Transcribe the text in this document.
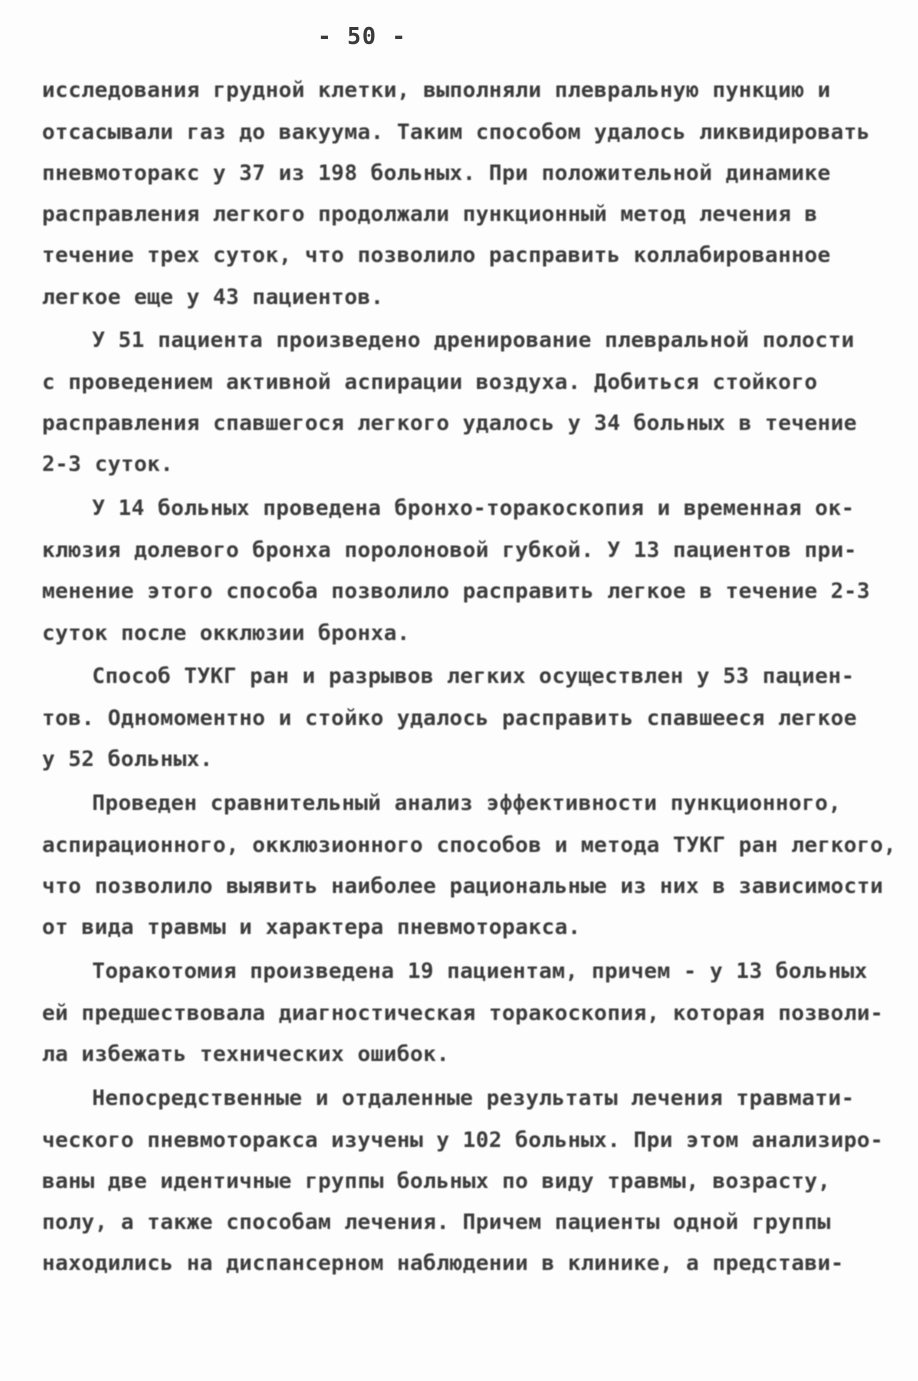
- 50 -
исследования грудной клетки, выполняли плевральную пункцию и
отсасывали газ до вакуума. Таким способом удалось ликвидировать
пневмоторакс у 37 из 198 больных. При положительной динамике
расправления легкого продолжали пункционный метод лечения в
течение трех суток, что позволило расправить коллабированное
легкое еще у 43 пациентов.
У 51 пациента произведено дренирование плевральной полости
с проведением активной аспирации воздуха. Добиться стойкого
расправления спавшегося легкого удалось у 34 больных в течение
2-3 суток.
У 14 больных проведена бронхо-торакоскопия и временная ок-
клюзия долевого бронха поролоновой губкой. У 13 пациентов при-
менение этого способа позволило расправить легкое в течение 2-3
суток после окклюзии бронха.
Способ ТУКГ ран и разрывов легких осуществлен у 53 пациен-
тов. Одномоментно и стойко удалось расправить спавшееся легкое
у 52 больных.
Проведен сравнительный анализ эффективности пункционного,
аспирационного, окклюзионного способов и метода ТУКГ ран легкого,
что позволило выявить наиболее рациональные из них в зависимости
от вида травмы и характера пневмоторакса.
Торакотомия произведена 19 пациентам, причем - у 13 больных
ей предшествовала диагностическая торакоскопия, которая позволи-
ла избежать технических ошибок.
Непосредственные и отдаленные результаты лечения травмати-
ческого пневмоторакса изучены у 102 больных. При этом анализиро-
ваны две идентичные группы больных по виду травмы, возрасту,
полу, а также способам лечения. Причем пациенты одной группы
находились на диспансерном наблюдении в клинике, а представи-
